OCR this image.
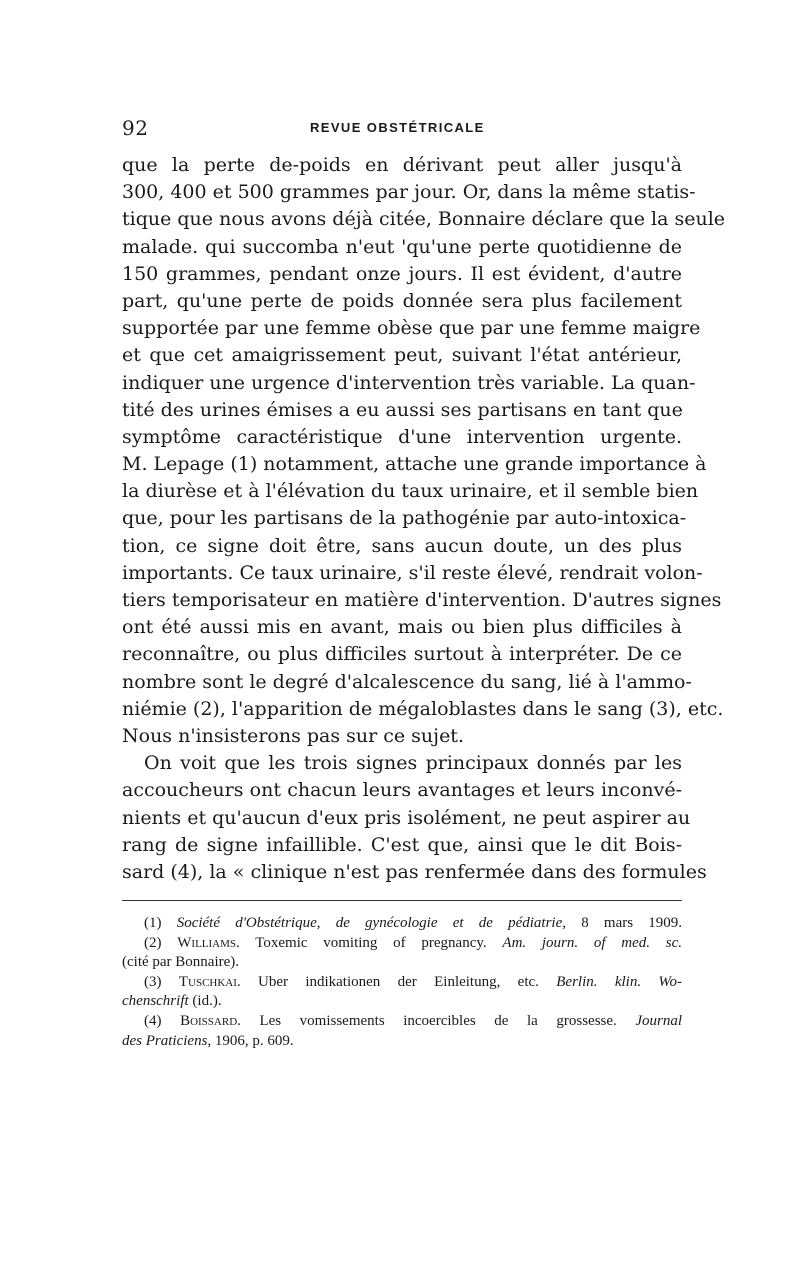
92	REVUE OBSTÉTRICALE
que la perte de-poids en dérivant peut aller jusqu'à
300, 400 et 500 grammes par jour. Or, dans la même statis-
tique que nous avons déjà citée, Bonnaire déclare que la seule
malade. qui succomba n'eut 'qu'une perte quotidienne de
150 grammes, pendant onze jours. Il est évident, d'autre
part, qu'une perte de poids donnée sera plus facilement
supportée par une femme obèse que par une femme maigre
et que cet amaigrissement peut, suivant l'état antérieur,
indiquer une urgence d'intervention très variable. La quan-
tité des urines émises a eu aussi ses partisans en tant que
symptôme caractéristique d'une intervention urgente.
M. Lepage (1) notamment, attache une grande importance à
la diurèse et à l'élévation du taux urinaire, et il semble bien
que, pour les partisans de la pathogénie par auto-intoxica-
tion, ce signe doit être, sans aucun doute, un des plus
importants. Ce taux urinaire, s'il reste élevé, rendrait volon-
tiers temporisateur en matière d'intervention. D'autres signes
ont été aussi mis en avant, mais ou bien plus difficiles à
reconnaître, ou plus difficiles surtout à interpréter. De ce
nombre sont le degré d'alcalescence du sang, lié à l'ammo-
niémie (2), l'apparition de mégaloblastes dans le sang (3), etc.
Nous n'insisterons pas sur ce sujet.
On voit que les trois signes principaux donnés par les
accoucheurs ont chacun leurs avantages et leurs inconvé-
nients et qu'aucun d'eux pris isolément, ne peut aspirer au
rang de signe infaillible. C'est que, ainsi que le dit Bois-
sard (4), la « clinique n'est pas renfermée dans des formules
(1) Société d'Obstétrique, de gynécologie et de pédiatrie, 8 mars 1909.
(2) Williams. Toxemic vomiting of pregnancy. Am. journ. of med. sc.
(cité par Bonnaire).
(3) Tuschkai. Uber indikationen der Einleitung, etc. Berlin. klin. Wo-
chenschrift (id.).
(4) Boissard. Les vomissements incoercibles de la grossesse. Journal
des Praticiens, 1906, p. 609.
